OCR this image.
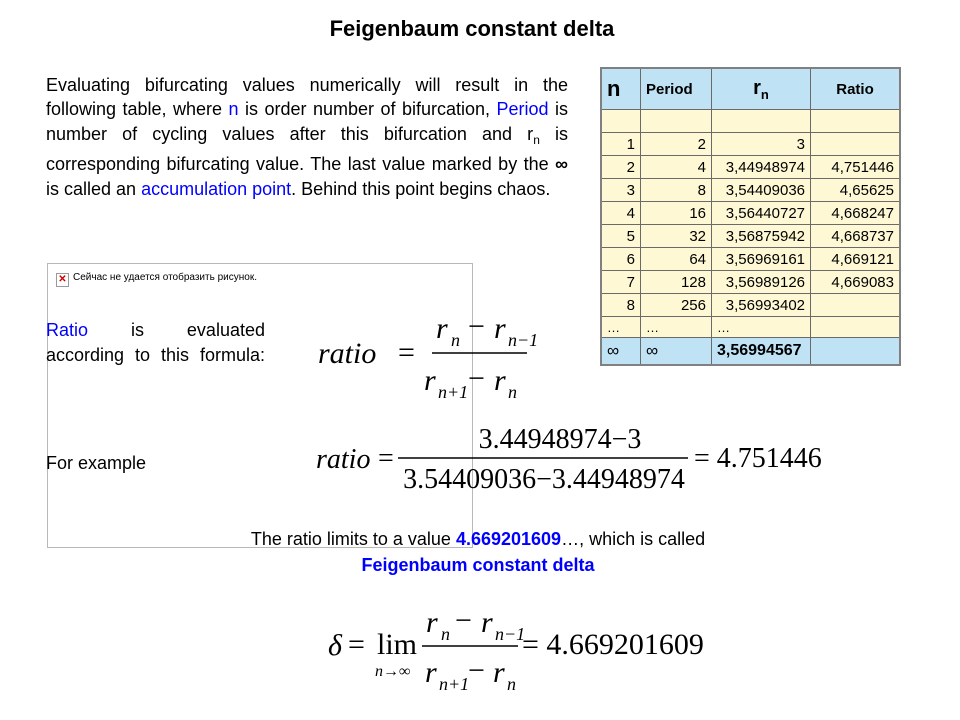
Feigenbaum constant delta

Evaluating bifurcating values numerically will result in the following table, where n is order number of bifurcation, Period is number of cycling values after this bifurcation and $r_n$ is corresponding bifurcating value. The last value marked by the ∞ is called an accumulation point. Behind this point begins chaos.

✕ Сейчас не удается отобразить рисунок.
n	Period	$r_n$	Ratio

1	2	3	
2	4	3,44948974	4,751446
3	8	3,54409036	4,65625
4	16	3,56440727	4,668247
5	32	3,56875942	4,668737
6	64	3,56969161	4,669121
7	128	3,56989126	4,669083
8	256	3,56993402	
…	…	…	
∞	∞	3,56994567	

Ratio is evaluated according to this formula: ratio =
r n − r n−1
r n+1 − r n
For example	ratio =
3.44948974−3
3.54409036−3.44948974
= 4.751446
The ratio limits to a value 4.669201609…, which is called
Feigenbaum constant delta
δ = lim
n→∞
r n − r n−1
r n+1
− r n
= 4.669201609
